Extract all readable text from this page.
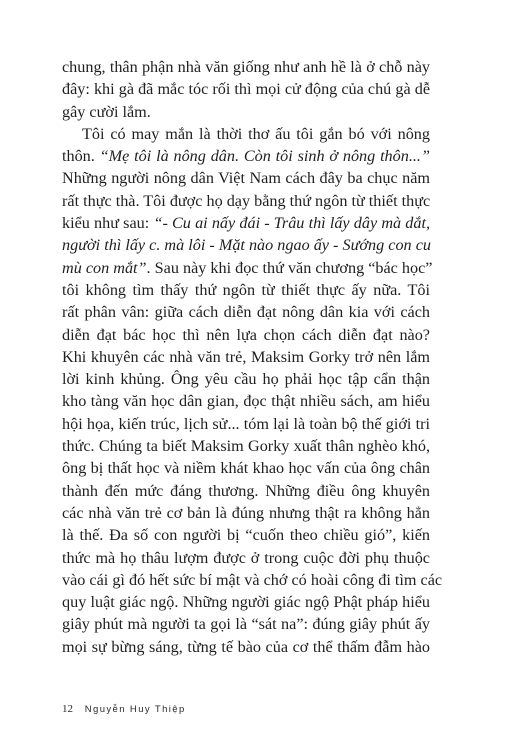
chung, thân phận nhà văn giống như anh hề là ở chỗ này
đây: khi gà đã mắc tóc rối thì mọi cử động của chú gà dễ
gây cười lắm.
Tôi có may mắn là thời thơ ấu tôi gắn bó với nông
thôn. “Mẹ tôi là nông dân. Còn tôi sinh ở nông thôn...”
Những người nông dân Việt Nam cách đây ba chục năm
rất thực thà. Tôi được họ dạy bằng thứ ngôn từ thiết thực
kiểu như sau: “- Cu ai nấy đái - Trâu thì lấy dây mà dắt,
người thì lấy c. mà lôi - Mặt nào ngao ấy - Sướng con cu
mù con mắt”. Sau này khi đọc thứ văn chương “bác học”
tôi không tìm thấy thứ ngôn từ thiết thực ấy nữa. Tôi
rất phân vân: giữa cách diễn đạt nông dân kia với cách
diễn đạt bác học thì nên lựa chọn cách diễn đạt nào?
Khi khuyên các nhà văn trẻ, Maksim Gorky trở nên lắm
lời kinh khủng. Ông yêu cầu họ phải học tập cẩn thận
kho tàng văn học dân gian, đọc thật nhiều sách, am hiểu
hội họa, kiến trúc, lịch sử... tóm lại là toàn bộ thế giới tri
thức. Chúng ta biết Maksim Gorky xuất thân nghèo khó,
ông bị thất học và niềm khát khao học vấn của ông chân
thành đến mức đáng thương. Những điều ông khuyên
các nhà văn trẻ cơ bản là đúng nhưng thật ra không hẳn
là thế. Đa số con người bị “cuốn theo chiều gió”, kiến
thức mà họ thâu lượm được ở trong cuộc đời phụ thuộc
vào cái gì đó hết sức bí mật và chớ có hoài công đi tìm các
quy luật giác ngộ. Những người giác ngộ Phật pháp hiểu
giây phút mà người ta gọi là “sát na”: đúng giây phút ấy
mọi sự bừng sáng, từng tế bào của cơ thể thấm đẫm hào
12 Nguyễn Huy Thiệp
